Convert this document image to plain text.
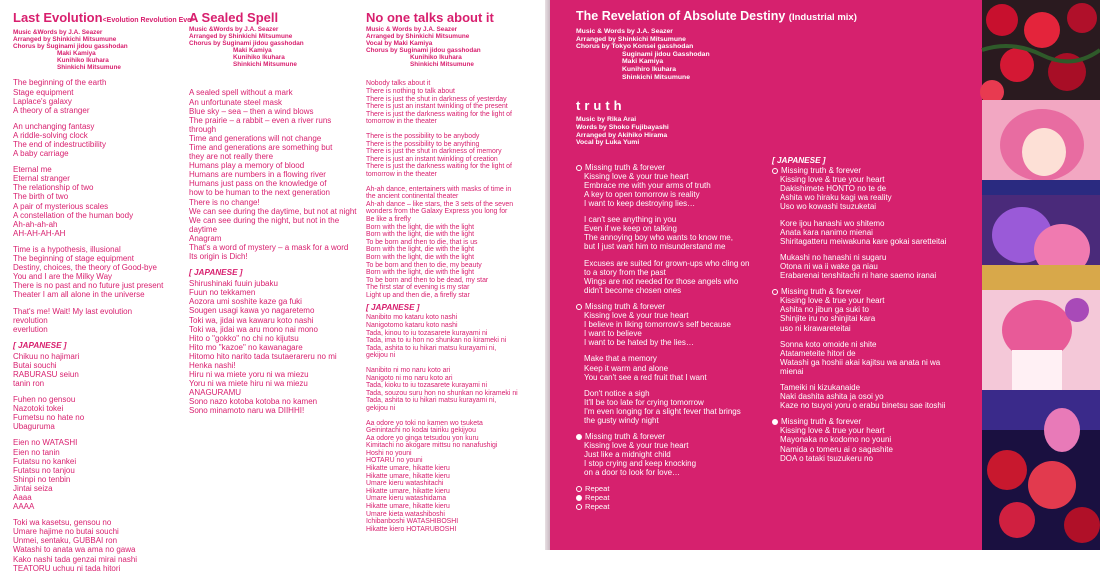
Last Evolution<Evolution Revolution Eve>

Music &Words by J.A. Seazer

Arranged by Shinkichi Mitsumune

Chorus by Suginami jidou gasshodan

Maki Kamiya

Kunihiko Ikuhara

Shinkichi Mitsumune

The beginning of the earth

Stage equipment

Laplace's galaxy

A theory of a stranger

An unchanging fantasy

A riddle-solving clock

The end of indestructibility

A baby carriage

Eternal me

Eternal stranger

The relationship of two

The birth of two

A pair of mysterious scales

A constellation of the human body

Ah-ah-ah-ah

AH-AH-AH-AH

Time is a hypothesis, illusional

The beginning of stage equipment

Destiny, choices, the theory of Good-bye

You and I are the Milky Way

There is no past and no future just present

Theater I am all alone in the universe

That's me! Wait! My last evolution

revolution

everlution

[ JAPANESE ]

Chikuu no hajimari

Butai souchi

RABURASU seiun

tanin ron

Fuhen no gensou

Nazotoki tokei

Fumetsu no hate no

Ubaguruma

Eien no WATASHI

Eien no tanin

Futatsu no kankei

Futatsu no tanjou

Shinpi no tenbin

Jintai seiza

Aaaa

AAAA

Toki wa kasetsu, gensou no

Umare hajime no butai souchi

Unmei, sentaku, GUBBAI ron

Watashi to anata wa ama no gawa

Kako nashi tada genzai mirai nashi

TEATORU uchuu ni tada hitori

A Sealed Spell

Music &Words by J.A. Seazer

Arranged by Shinkichi Mitsumune

Chorus by Suginami jidou gasshodan

Maki Kamiya

Kunihiko Ikuhara

Shinkichi Mitsumune

A sealed spell without a mark

An unfortunate steel mask

Blue sky – sea – then a wind blows

The prairie – a rabbit – even a river runs

through

Time and generations will not change

Time and generations are something but

they are not really there

Humans play a memory of blood

Humans are numbers in a flowing river

Humans just pass on the knowledge of

how to be human to the next generation

There is no change!

We can see during the daytime, but not at night

We can see during the night, but not in the

daytime

Anagram

That's a word of mystery – a mask for a word

Its origin is Dich!

[ JAPANESE ]

Shirushinaki fuuin jubaku

Fuun no tekkamen

Aozora umi soshite kaze ga fuki

Sougen usagi kawa yo nagaretemo

Toki wa, jidai wa kawaru koto nashi

Toki wa, jidai wa aru mono nai mono

Hito o "gokko" no chi no kijutsu

Hito mo "kazoe" no kawanagare

Hitomo hito narito tada tsutaerareru no mi

Henka nashi!

Hiru ni wa miete yoru ni wa miezu

Yoru ni wa miete hiru ni wa miezu

ANAGURAMU

Sono nazo kotoba kotoba no kamen

Sono minamoto naru wa DIIHHI!

No one talks about it

Music & Words by J.A. Seazer

Arranged by Shinkichi Mitsumune

Vocal by Maki Kamiya

Chorus by Suginami jidou gasshodan

Kunihiko Ikuhara

Shinkichi Mitsumune

Nobody talks about it

There is nothing to talk about

There is just the shut in darkness of yesterday

There is just an instant twinkling of the present

There is just the darkness waiting for the light of

tomorrow in the theater

There is the possibility to be anybody

There is the possibility to be anything

There is just the shut in darkness of memory

There is just an instant twinkling of creation

There is just the darkness waiting for the light of

tomorrow in the theater

Ah-ah dance, entertainers with masks of time in

the ancient continental theater

Ah-ah dance – like stars, the 3 sets of the seven

wonders from the Galaxy Express you long for

Be like a firefly

Born with the light, die with the light

Born with the light, die with the light

To be born and then to die, that is us

Born with the light, die with the light

Born with the light, die with the light

To be born and then to die, my beauty

Born with the light, die with the light

To be born and then to be dead, my star

The first star of evening is my star

Light up and then die, a firefly star

[ JAPANESE ]

Nanibito mo kataru koto nashi

Nanigotomo kataru koto nashi

Tada, kinou to iu tozasarete kurayami ni

Tada, ima to iu hon no shunkan no kirameki ni

Tada, ashita to iu hikari matsu kurayami ni,

gekijou ni

Nanibito ni mo naru koto ari

Nanigoto ni mo naru koto ari

Tada, kioku to iu tozasarete kurayami ni

Tada, souzou suru hon no shunkan no kirameki ni

Tada, ashita to iu hikari matsu kurayami ni,

gekijou ni

Aa odore yo toki no kamen wo tsuketa

Geinintachi no kodai tairiku gekijyou

Aa odore yo ginga tetsudou yon kuru

Kimitachi no akogare mittsu no nanafushigi

Hoshi no youni

HOTARU no youni

Hikatte umare, hikatte kieru

Hikatte umare, hikatte kieru

Umare kieru watashitachi

Hikatte umare, hikatte kieru

Umare kieru watashidama

Hikatte umare, hikatte kieru

Umare kieta watashiboshi

Ichibanboshi WATASHIBOSHI

Hikatte kiero HOTARUBOSHI

The Revelation of Absolute Destiny (Industrial mix)

Music & Words by J.A. Seazer

Arranged by Shinkichi Mitsumune

Chorus by Tokyo Konsei gasshodan

Suginami jidou Gasshodan

Maki Kamiya

Kunihiro Ikuhara

Shinkichi Mitsumune

truth

Music by Rika Arai

Words by Shoko Fujibayashi

Arranged by Akihiko Hirama

Vocal by Luka Yumi

Missing truth & forever

Kissing love & your true heart

Embrace me with your arms of truth

A key to open tomorrow is reality

I want to keep destroying lies…

I can't see anything in you

Even if we keep on talking

The annoying boy who wants to know me,

but I just want him to misunderstand me

Excuses are suited for grown-ups who cling on

to a story from the past

Wings are not needed for those angels who

didn't become chosen ones

Missing truth & forever

Kissing love & your true heart

I believe in liking tomorrow's self because

I want to believe

I want to be hated by the lies…

Make that a memory

Keep it warm and alone

You can't see a red fruit that I want

Don't notice a sigh

It'll be too late for crying tomorrow

I'm even longing for a slight fever that brings

the gusty windy night

Missing truth & forever

Kissing love & your true heart

Just like a midnight child

I stop crying and keep knocking

on a door to look for love…

Repeat

Repeat

Repeat

[ JAPANESE ]

Missing truth & forever

Kissing love & true your heart

Dakishimete HONTO no te de

Ashita wo hiraku kagi wa reality

Uso wo kowashi tsuzuketai

Kore ijou hanashi wo shitemo

Anata kara nanimo mienai

Shiritagatteru meiwakuna kare gokai saretteitai

Mukashi no hanashi ni sugaru

Otona ni wa ii wake ga niau

Erabarenai tenshitachi ni hane saemo iranai

Missing truth & forever

Kissing love & true your heart

Ashita no jibun ga suki to

Shinjite iru no shinjitai kara

uso ni kirawareteitai

Sonna koto omoide ni shite

Atatameteite hitori de

Watashi ga hoshii akai kajitsu wa anata ni wa

mienai

Tameiki ni kizukanaide

Naki dashita ashita ja osoi yo

Kaze no tsuyoi yoru o erabu binetsu sae itoshii

Missing truth & forever

Kissing love & true your heart

Mayonaka no kodomo no youni

Namida o tomeru ai o sagashite

DOA o tataki tsuzukeru no
